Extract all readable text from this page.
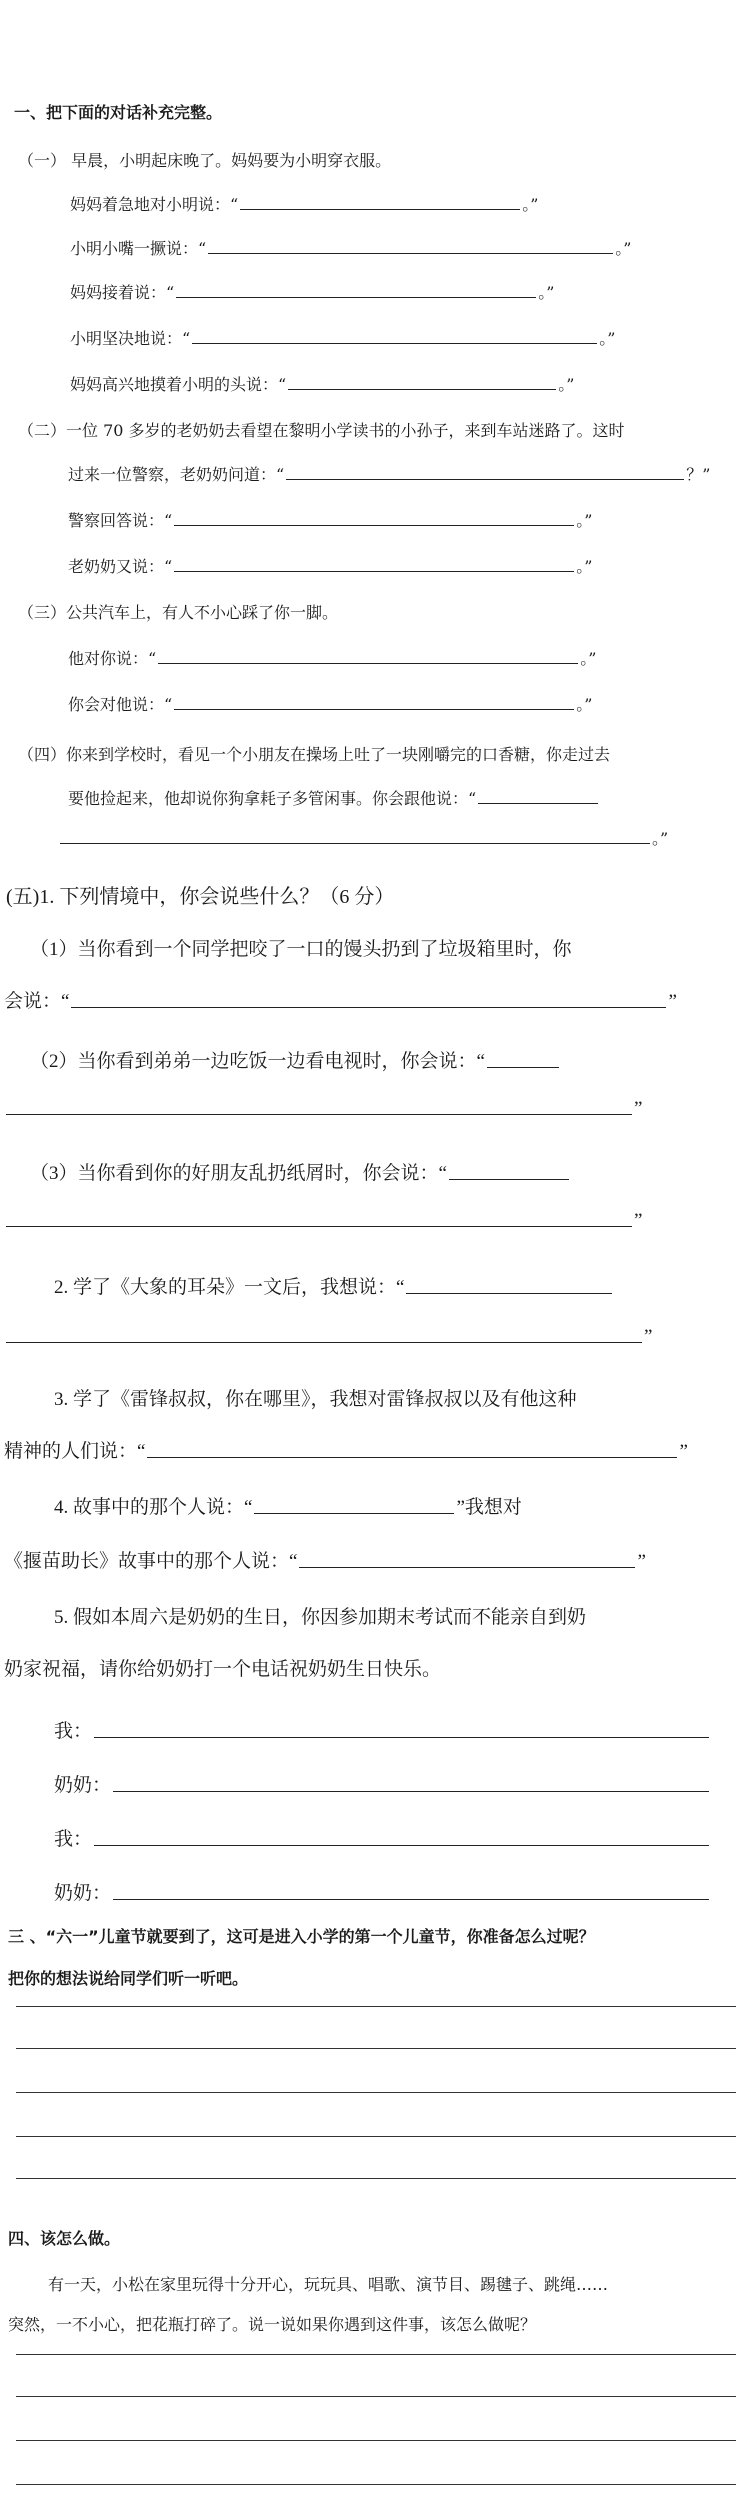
一、把下面的对话补充完整。
（一） 早晨，小明起床晚了。妈妈要为小明穿衣服。
妈妈着急地对小明说：“	。”
小明小嘴一撅说：“	。”
妈妈接着说：“	。”
小明坚决地说：“	。”
妈妈高兴地摸着小明的头说：“	。”
（二）一位 70 多岁的老奶奶去看望在黎明小学读书的小孙子，来到车站迷路了。这时
过来一位警察，老奶奶问道：“	？”
警察回答说：“	。”
老奶奶又说：“	。”
（三）公共汽车上，有人不小心踩了你一脚。
他对你说：“	。”
你会对他说：“	。”
（四）你来到学校时，看见一个小朋友在操场上吐了一块刚嚼完的口香糖，你走过去
要他捡起来，他却说你狗拿耗子多管闲事。你会跟他说：“
。”
(五)1. 下列情境中，你会说些什么？（6 分）
（1）当你看到一个同学把咬了一口的馒头扔到了垃圾箱里时，你
会说：“	”
（2）当你看到弟弟一边吃饭一边看电视时，你会说：“
”
（3）当你看到你的好朋友乱扔纸屑时，你会说：“
”
2. 学了《大象的耳朵》一文后，我想说：“
”
3. 学了《雷锋叔叔，你在哪里》，我想对雷锋叔叔以及有他这种
精神的人们说：“	”
4. 故事中的那个人说：“	”我想对
《揠苗助长》故事中的那个人说：“	”
5. 假如本周六是奶奶的生日，你因参加期末考试而不能亲自到奶
奶家祝福，请你给奶奶打一个电话祝奶奶生日快乐。
我：
奶奶：
我：
奶奶：
三 、“六一”儿童节就要到了，这可是进入小学的第一个儿童节，你准备怎么过呢？
把你的想法说给同学们听一听吧。
四、该怎么做。
有一天，小松在家里玩得十分开心，玩玩具、唱歌、演节目、踢毽子、跳绳……
突然，一不小心，把花瓶打碎了。说一说如果你遇到这件事，该怎么做呢？
